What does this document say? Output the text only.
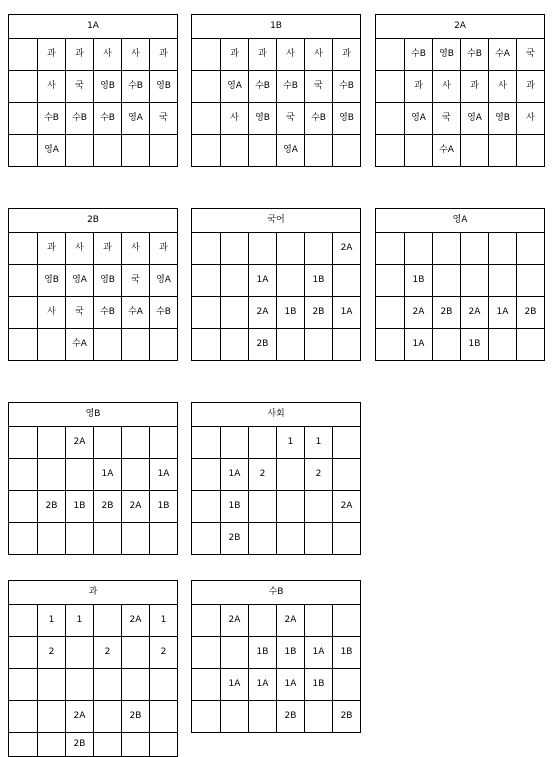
1A					
	과	과	사	사	과
	사	국	영B	수B	영B
	수B	수B	수B	영A	국
	영A				
1B					
	과	과	사	사	과
	영A	수B	수B	국	수B
	사	영B	국	수B	영B
			영A		
2A					
	수B	영B	수B	수A	국
	과	사	과	사	과
	영A	국	영A	영B	사
		수A			
2B					
	과	사	과	사	과
	영B	영A	영B	국	영A
	사	국	수B	수A	수B
		수A			
국어					
					2A
		1A		1B	
		2A	1B	2B	1A
		2B			
영A					

	1B				
	2A	2B	2A	1A	2B
	1A		1B		
영B					
		2A			
			1A		1A
	2B	1B	2B	2A	1B

사회					
			1	1	
	1A	2		2	
	1B				2A
	2B				
과					
	1	1		2A	1
	2		2		2

		2A		2B	
		2B			
수B					
	2A		2A		
		1B	1B	1A	1B
	1A	1A	1A	1B	
			2B		2B
